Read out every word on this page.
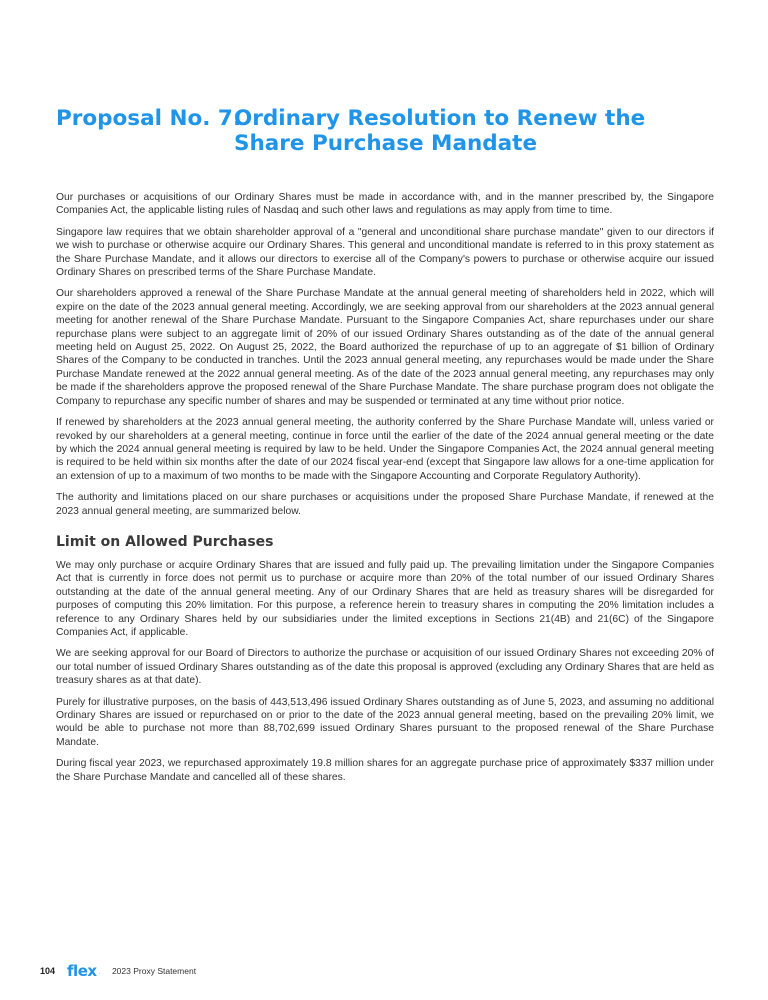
Proposal No. 7:
Ordinary Resolution to Renew the Share Purchase Mandate

Our purchases or acquisitions of our Ordinary Shares must be made in accordance with, and in the manner prescribed by, the Singapore Companies Act, the applicable listing rules of Nasdaq and such other laws and regulations as may apply from time to time.

Singapore law requires that we obtain shareholder approval of a "general and unconditional share purchase mandate" given to our directors if we wish to purchase or otherwise acquire our Ordinary Shares. This general and unconditional mandate is referred to in this proxy statement as the Share Purchase Mandate, and it allows our directors to exercise all of the Company's powers to purchase or otherwise acquire our issued Ordinary Shares on prescribed terms of the Share Purchase Mandate.

Our shareholders approved a renewal of the Share Purchase Mandate at the annual general meeting of shareholders held in 2022, which will expire on the date of the 2023 annual general meeting. Accordingly, we are seeking approval from our shareholders at the 2023 annual general meeting for another renewal of the Share Purchase Mandate. Pursuant to the Singapore Companies Act, share repurchases under our share repurchase plans were subject to an aggregate limit of 20% of our issued Ordinary Shares outstanding as of the date of the annual general meeting held on August 25, 2022. On August 25, 2022, the Board authorized the repurchase of up to an aggregate of $1 billion of Ordinary Shares of the Company to be conducted in tranches. Until the 2023 annual general meeting, any repurchases would be made under the Share Purchase Mandate renewed at the 2022 annual general meeting. As of the date of the 2023 annual general meeting, any repurchases may only be made if the shareholders approve the proposed renewal of the Share Purchase Mandate. The share purchase program does not obligate the Company to repurchase any specific number of shares and may be suspended or terminated at any time without prior notice.

If renewed by shareholders at the 2023 annual general meeting, the authority conferred by the Share Purchase Mandate will, unless varied or revoked by our shareholders at a general meeting, continue in force until the earlier of the date of the 2024 annual general meeting or the date by which the 2024 annual general meeting is required by law to be held. Under the Singapore Companies Act, the 2024 annual general meeting is required to be held within six months after the date of our 2024 fiscal year-end (except that Singapore law allows for a one-time application for an extension of up to a maximum of two months to be made with the Singapore Accounting and Corporate Regulatory Authority).

The authority and limitations placed on our share purchases or acquisitions under the proposed Share Purchase Mandate, if renewed at the 2023 annual general meeting, are summarized below.

Limit on Allowed Purchases

We may only purchase or acquire Ordinary Shares that are issued and fully paid up. The prevailing limitation under the Singapore Companies Act that is currently in force does not permit us to purchase or acquire more than 20% of the total number of our issued Ordinary Shares outstanding at the date of the annual general meeting. Any of our Ordinary Shares that are held as treasury shares will be disregarded for purposes of computing this 20% limitation. For this purpose, a reference herein to treasury shares in computing the 20% limitation includes a reference to any Ordinary Shares held by our subsidiaries under the limited exceptions in Sections 21(4B) and 21(6C) of the Singapore Companies Act, if applicable.

We are seeking approval for our Board of Directors to authorize the purchase or acquisition of our issued Ordinary Shares not exceeding 20% of our total number of issued Ordinary Shares outstanding as of the date this proposal is approved (excluding any Ordinary Shares that are held as treasury shares as at that date).

Purely for illustrative purposes, on the basis of 443,513,496 issued Ordinary Shares outstanding as of June 5, 2023, and assuming no additional Ordinary Shares are issued or repurchased on or prior to the date of the 2023 annual general meeting, based on the prevailing 20% limit, we would be able to purchase not more than 88,702,699 issued Ordinary Shares pursuant to the proposed renewal of the Share Purchase Mandate.

During fiscal year 2023, we repurchased approximately 19.8 million shares for an aggregate purchase price of approximately $337 million under the Share Purchase Mandate and cancelled all of these shares.

104 flex . 2023 Proxy Statement
